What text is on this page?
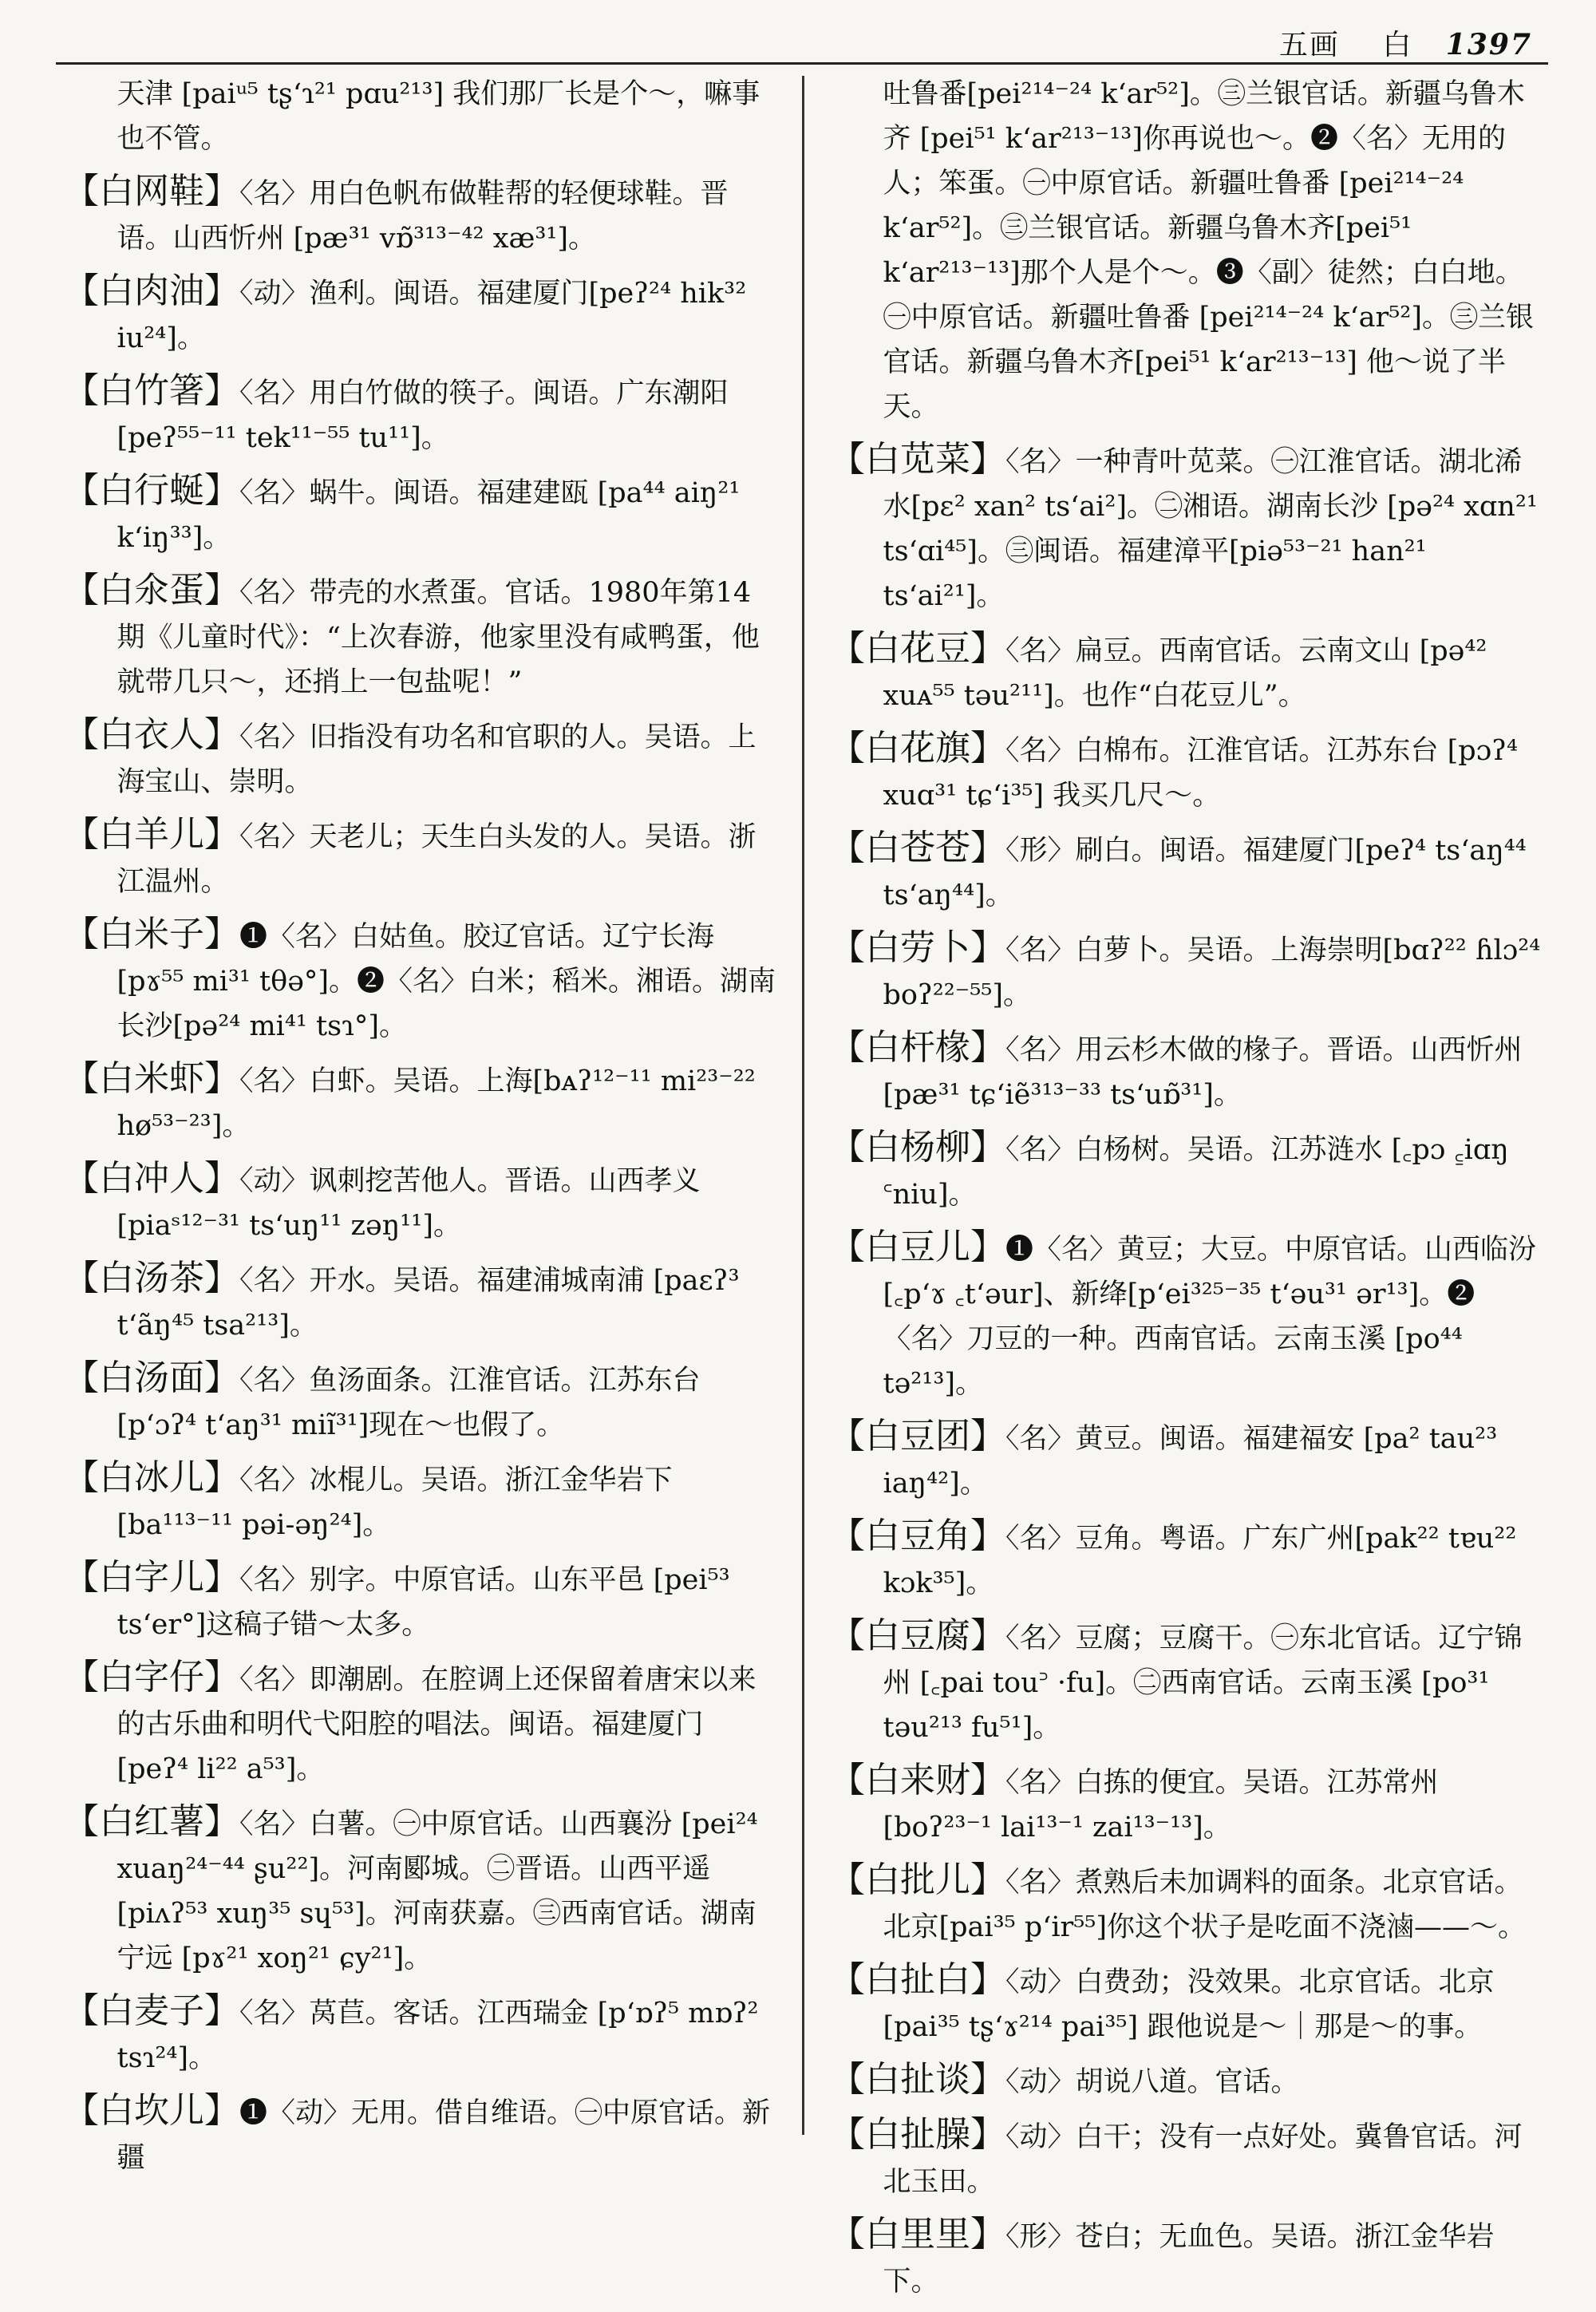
五画 白 1397
天津 [paiᵘ⁵ tʂʻɿ²¹ pɑu²¹³] 我们那厂长是个～，嘛事也不管。
【白网鞋】〈名〉用白色帆布做鞋帮的轻便球鞋。晋语。山西忻州 [pæ³¹ vɒ̃³¹³⁻⁴² xæ³¹]。
【白肉油】〈动〉渔利。闽语。福建厦门[peʔ²⁴ hik³² iu²⁴]。
【白竹箸】〈名〉用白竹做的筷子。闽语。广东潮阳[peʔ⁵⁵⁻¹¹ tek¹¹⁻⁵⁵ tu¹¹]。
【白行蜒】〈名〉蜗牛。闽语。福建建瓯 [pa⁴⁴ aiŋ²¹ kʻiŋ³³]。
【白氽蛋】〈名〉带壳的水煮蛋。官话。1980年第14期《儿童时代》：“上次春游，他家里没有咸鸭蛋，他就带几只～，还捎上一包盐呢！”
【白衣人】〈名〉旧指没有功名和官职的人。吴语。上海宝山、崇明。
【白羊儿】〈名〉天老儿；天生白头发的人。吴语。浙江温州。
【白米子】❶〈名〉白姑鱼。胶辽官话。辽宁长海 [pɤ⁵⁵ mi³¹ tθə°]。❷〈名〉白米；稻米。湘语。湖南长沙[pə²⁴ mi⁴¹ tsɿ°]。
【白米虾】〈名〉白虾。吴语。上海[bᴀʔ¹²⁻¹¹ mi²³⁻²² hø⁵³⁻²³]。
【白冲人】〈动〉讽刺挖苦他人。晋语。山西孝义[piaˢ¹²⁻³¹ tsʻuŋ¹¹ zəŋ¹¹]。
【白汤茶】〈名〉开水。吴语。福建浦城南浦 [paɛʔ³ tʻãŋ⁴⁵ tsa²¹³]。
【白汤面】〈名〉鱼汤面条。江淮官话。江苏东台[pʻɔʔ⁴ tʻaŋ³¹ miĩ³¹]现在～也假了。
【白冰儿】〈名〉冰棍儿。吴语。浙江金华岩下[ba¹¹³⁻¹¹ pəi-əŋ²⁴]。
【白字儿】〈名〉别字。中原官话。山东平邑 [pei⁵³ tsʻer°]这稿子错～太多。
【白字仔】〈名〉即潮剧。在腔调上还保留着唐宋以来的古乐曲和明代弋阳腔的唱法。闽语。福建厦门 [peʔ⁴ li²² a⁵³]。
【白红薯】〈名〉白薯。㊀中原官话。山西襄汾 [pei²⁴ xuaŋ²⁴⁻⁴⁴ ʂu²²]。河南郾城。㊁晋语。山西平遥[piʌʔ⁵³ xuŋ³⁵ sɥ⁵³]。河南获嘉。㊂西南官话。湖南宁远 [pɤ²¹ xoŋ²¹ ɕy²¹]。
【白麦子】〈名〉莴苣。客话。江西瑞金 [pʻɒʔ⁵ mɒʔ² tsɿ²⁴]。
【白坎儿】❶〈动〉无用。借自维语。㊀中原官话。新疆
吐鲁番[pei²¹⁴⁻²⁴ kʻar⁵²]。㊂兰银官话。新疆乌鲁木齐 [pei⁵¹ kʻar²¹³⁻¹³]你再说也～。❷〈名〉无用的人；笨蛋。㊀中原官话。新疆吐鲁番 [pei²¹⁴⁻²⁴ kʻar⁵²]。㊂兰银官话。新疆乌鲁木齐[pei⁵¹ kʻar²¹³⁻¹³]那个人是个～。❸〈副〉徒然；白白地。㊀中原官话。新疆吐鲁番 [pei²¹⁴⁻²⁴ kʻar⁵²]。㊂兰银官话。新疆乌鲁木齐[pei⁵¹ kʻar²¹³⁻¹³] 他～说了半天。
【白苋菜】〈名〉一种青叶苋菜。㊀江淮官话。湖北浠水[pɛ² xan² tsʻai²]。㊁湘语。湖南长沙 [pə²⁴ xɑn²¹ tsʻɑi⁴⁵]。㊂闽语。福建漳平[piə⁵³⁻²¹ han²¹ tsʻai²¹]。
【白花豆】〈名〉扁豆。西南官话。云南文山 [pə⁴² xuᴀ⁵⁵ təu²¹¹]。也作“白花豆儿”。
【白花旗】〈名〉白棉布。江淮官话。江苏东台 [pɔʔ⁴ xuɑ³¹ tɕʻi³⁵] 我买几尺～。
【白苍苍】〈形〉刷白。闽语。福建厦门[peʔ⁴ tsʻaŋ⁴⁴ tsʻaŋ⁴⁴]。
【白劳卜】〈名〉白萝卜。吴语。上海崇明[bɑʔ²² ɦlɔ²⁴ boʔ²²⁻⁵⁵]。
【白杆椽】〈名〉用云杉木做的椽子。晋语。山西忻州 [pæ³¹ tɕʻiẽ³¹³⁻³³ tsʻuɒ̃³¹]。
【白杨柳】〈名〉白杨树。吴语。江苏涟水 [꜀pɔ ꜁iɑŋ ꜂niu]。
【白豆儿】❶〈名〉黄豆；大豆。中原官话。山西临汾 [꜀pʻɤ ꜀tʻəur]、新绛[pʻei³²⁵⁻³⁵ tʻəu³¹ ər¹³]。❷〈名〉刀豆的一种。西南官话。云南玉溪 [po⁴⁴ tə²¹³]。
【白豆团】〈名〉黄豆。闽语。福建福安 [pa² tau²³ iaŋ⁴²]。
【白豆角】〈名〉豆角。粤语。广东广州[pak²² tɐu²² kɔk³⁵]。
【白豆腐】〈名〉豆腐；豆腐干。㊀东北官话。辽宁锦州 [꜀pai tou꜄ ·fu]。㊁西南官话。云南玉溪 [po³¹ təu²¹³ fu⁵¹]。
【白来财】〈名〉白拣的便宜。吴语。江苏常州 [boʔ²³⁻¹ lai¹³⁻¹ zai¹³⁻¹³]。
【白批儿】〈名〉煮熟后未加调料的面条。北京官话。北京[pai³⁵ pʻir⁵⁵]你这个状子是吃面不浇滷——～。
【白扯白】〈动〉白费劲；没效果。北京官话。北京[pai³⁵ tʂʻɤ²¹⁴ pai³⁵] 跟他说是～｜那是～的事。
【白扯谈】〈动〉胡说八道。官话。
【白扯臊】〈动〉白干；没有一点好处。冀鲁官话。河北玉田。
【白里里】〈形〉苍白；无血色。吴语。浙江金华岩下。
